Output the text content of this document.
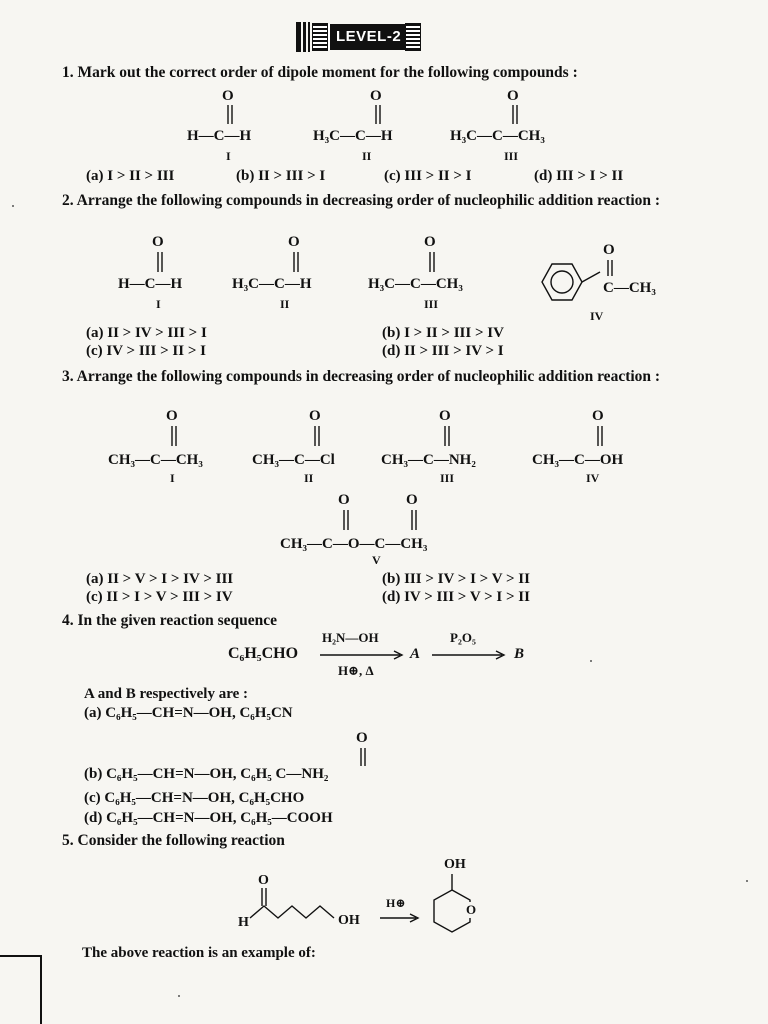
LEVEL-2
1. Mark out the correct order of dipole moment for the following compounds :
O
H—C—H
I
O
H₃C—C—H
II
O
H₃C—C—CH₃
III
(a) I > II > III	(b) II > III > I	(c) III > II > I	(d) III > I > II
2. Arrange the following compounds in decreasing order of nucleophilic addition reaction :
O
H—C—H
I
O
H₃C—C—H
II
O
H₃C—C—CH₃
III
O
C—CH₃
IV
(a) II > IV > III > I	(b) I > II > III > IV
(c) IV > III > II > I	(d) II > III > IV > I
3. Arrange the following compounds in decreasing order of nucleophilic addition reaction :
O
CH₃—C—CH₃
I
O
CH₃—C—Cl
II
O
CH₃—C—NH₂
III
O
CH₃—C—OH
IV
O	O
CH₃—C—O—C—CH₃
V
(a) II > V > I > IV > III	(b) III > IV > I > V > II
(c) II > I > V > III > IV	(d) IV > III > V > I > II
4. In the given reaction sequence
C₆H₅CHO
H₂N—OH
H⊕, Δ
A
P₂O₅
B
A and B respectively are :
(a) C₆H₅—CH=N—OH, C₆H₅CN
O
(b) C₆H₅—CH=N—OH, C₆H₅ C—NH₂
(c) C₆H₅—CH=N—OH, C₆H₅CHO
(d) C₆H₅—CH=N—OH, C₆H₅—COOH
5. Consider the following reaction
O
H	OH
H⊕
OH
O
The above reaction is an example of:
